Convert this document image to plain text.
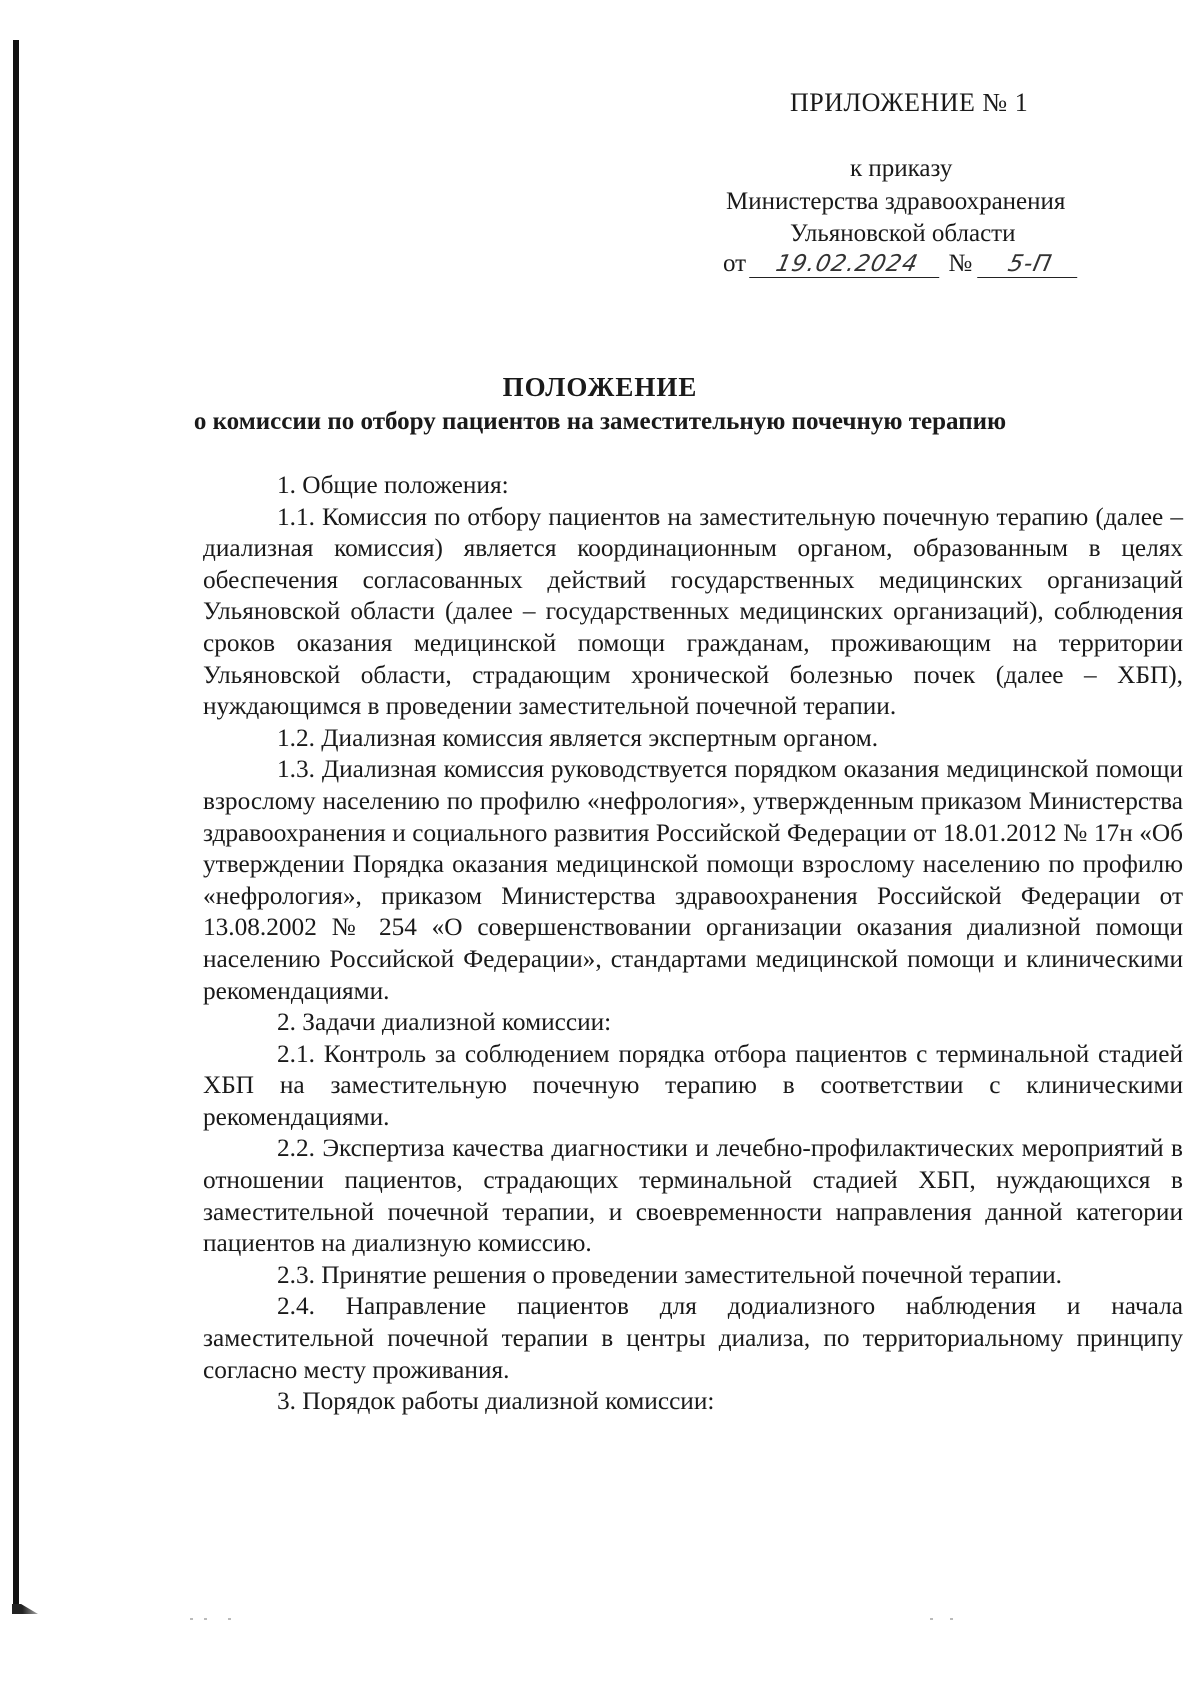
ПРИЛОЖЕНИЕ № 1
к приказу
Министерства здравоохранения
Ульяновской области
от 19.02.2024 № 5-П
ПОЛОЖЕНИЕ
о комиссии по отбору пациентов на заместительную почечную терапию

1. Общие положения:

1.1. Комиссия по отбору пациентов на заместительную почечную терапию (далее – диализная комиссия) является координационным органом, образованным в целях обеспечения согласованных действий государственных медицинских организаций Ульяновской области (далее – государственных медицинских организаций), соблюдения сроков оказания медицинской помощи гражданам, проживающим на территории Ульяновской области, страдающим хронической болезнью почек (далее – ХБП), нуждающимся в проведении заместительной почечной терапии.

1.2. Диализная комиссия является экспертным органом.

1.3. Диализная комиссия руководствуется порядком оказания медицинской помощи взрослому населению по профилю «нефрология», утвержденным приказом Министерства здравоохранения и социального развития Российской Федерации от 18.01.2012 № 17н «Об утверждении Порядка оказания медицинской помощи взрослому населению по профилю «нефрология», приказом Министерства здравоохранения Российской Федерации от 13.08.2002 № 254 «О совершенствовании организации оказания диализной помощи населению Российской Федерации», стандартами медицинской помощи и клиническими рекомендациями.

2. Задачи диализной комиссии:

2.1. Контроль за соблюдением порядка отбора пациентов с терминальной стадией ХБП на заместительную почечную терапию в соответствии с клиническими рекомендациями.

2.2. Экспертиза качества диагностики и лечебно-профилактических мероприятий в отношении пациентов, страдающих терминальной стадией ХБП, нуждающихся в заместительной почечной терапии, и своевременности направления данной категории пациентов на диализную комиссию.

2.3. Принятие решения о проведении заместительной почечной терапии.

2.4. Направление пациентов для додиализного наблюдения и начала заместительной почечной терапии в центры диализа, по территориальному принципу согласно месту проживания.

3. Порядок работы диализной комиссии:
